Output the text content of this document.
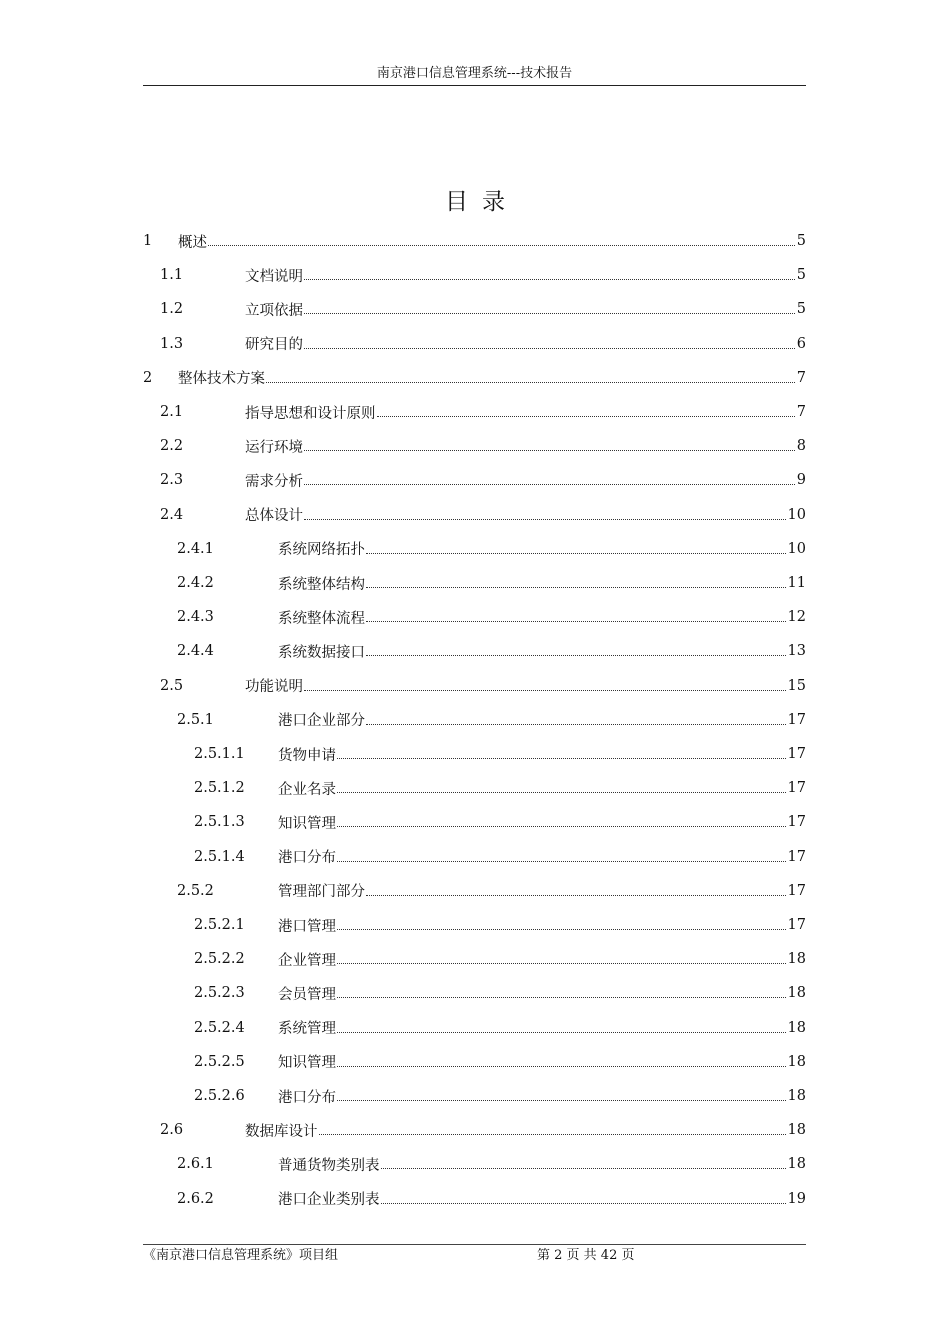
南京港口信息管理系统---技术报告
目录
1	概述	5
1.1	文档说明	5
1.2	立项依据	5
1.3	研究目的	6
2	整体技术方案	7
2.1	指导思想和设计原则	7
2.2	运行环境	8
2.3	需求分析	9
2.4	总体设计	10
2.4.1	系统网络拓扑	10
2.4.2	系统整体结构	11
2.4.3	系统整体流程	12
2.4.4	系统数据接口	13
2.5	功能说明	15
2.5.1	港口企业部分	17
2.5.1.1	货物申请	17
2.5.1.2	企业名录	17
2.5.1.3	知识管理	17
2.5.1.4	港口分布	17
2.5.2	管理部门部分	17
2.5.2.1	港口管理	17
2.5.2.2	企业管理	18
2.5.2.3	会员管理	18
2.5.2.4	系统管理	18
2.5.2.5	知识管理	18
2.5.2.6	港口分布	18
2.6	数据库设计	18
2.6.1	普通货物类别表	18
2.6.2	港口企业类别表	19
《南京港口信息管理系统》项目组	第 2 页 共 42 页
